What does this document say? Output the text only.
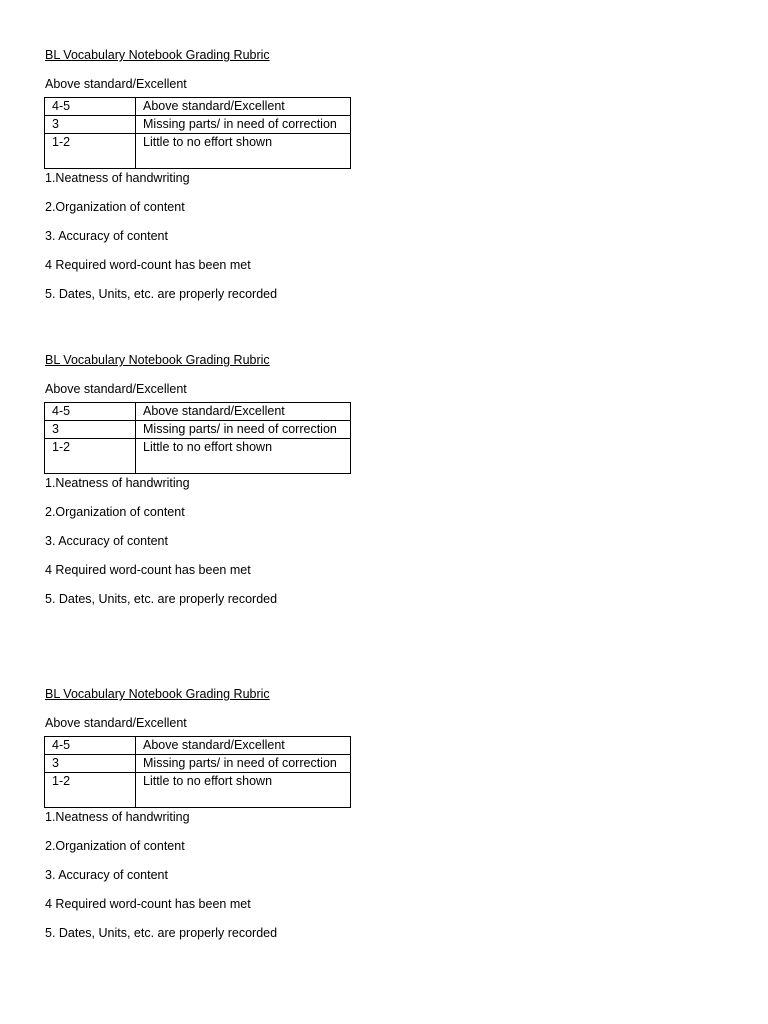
BL Vocabulary Notebook Grading Rubric
Above standard/Excellent
4-5	Above standard/Excellent
3	Missing parts/ in need of correction
1-2	Little to no effort shown
1.Neatness of handwriting
2.Organization of content
3. Accuracy of content
4 Required word-count has been met
5. Dates, Units, etc. are properly recorded
BL Vocabulary Notebook Grading Rubric
Above standard/Excellent
4-5	Above standard/Excellent
3	Missing parts/ in need of correction
1-2	Little to no effort shown
1.Neatness of handwriting
2.Organization of content
3. Accuracy of content
4 Required word-count has been met
5. Dates, Units, etc. are properly recorded
BL Vocabulary Notebook Grading Rubric
Above standard/Excellent
4-5	Above standard/Excellent
3	Missing parts/ in need of correction
1-2	Little to no effort shown
1.Neatness of handwriting
2.Organization of content
3. Accuracy of content
4 Required word-count has been met
5. Dates, Units, etc. are properly recorded
